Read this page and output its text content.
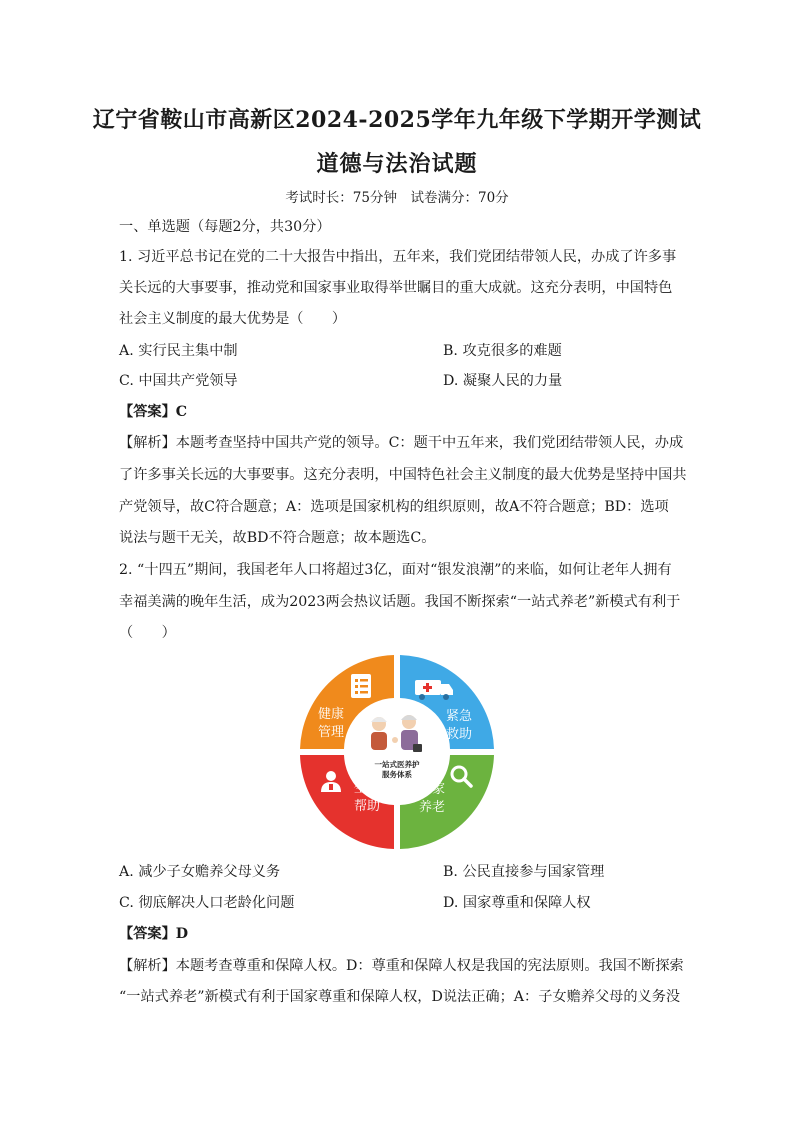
辽宁省鞍山市高新区2024-2025学年九年级下学期开学测试
道德与法治试题
考试时长：75分钟　试卷满分：70分
一、单选题（每题2分，共30分）
1. 习近平总书记在党的二十大报告中指出，五年来，我们党团结带领人民，办成了许多事
关长远的大事要事，推动党和国家事业取得举世瞩目的重大成就。这充分表明，中国特色
社会主义制度的最大优势是（　　）
A. 实行民主集中制	B. 攻克很多的难题
C. 中国共产党领导	D. 凝聚人民的力量
【答案】C
【解析】本题考查坚持中国共产党的领导。C：题干中五年来，我们党团结带领人民，办成
了许多事关长远的大事要事。这充分表明，中国特色社会主义制度的最大优势是坚持中国共
产党领导，故C符合题意；A：选项是国家机构的组织原则，故A不符合题意；BD：选项
说法与题干无关，故BD不符合题意；故本题选C。
2. “十四五”期间，我国老年人口将超过3亿，面对“银发浪潮”的来临，如何让老年人拥有
幸福美满的晚年生活，成为2023两会热议话题。我国不断探索“一站式养老”新模式有利于
（　　）
一站式医养护
服务体系
健康
管理
紧急
救助
生活
帮助
居家
养老
A. 减少子女赡养父母义务	B. 公民直接参与国家管理
C. 彻底解决人口老龄化问题	D. 国家尊重和保障人权
【答案】D
【解析】本题考查尊重和保障人权。D：尊重和保障人权是我国的宪法原则。我国不断探索
“一站式养老”新模式有利于国家尊重和保障人权，D说法正确；A：子女赡养父母的义务没
